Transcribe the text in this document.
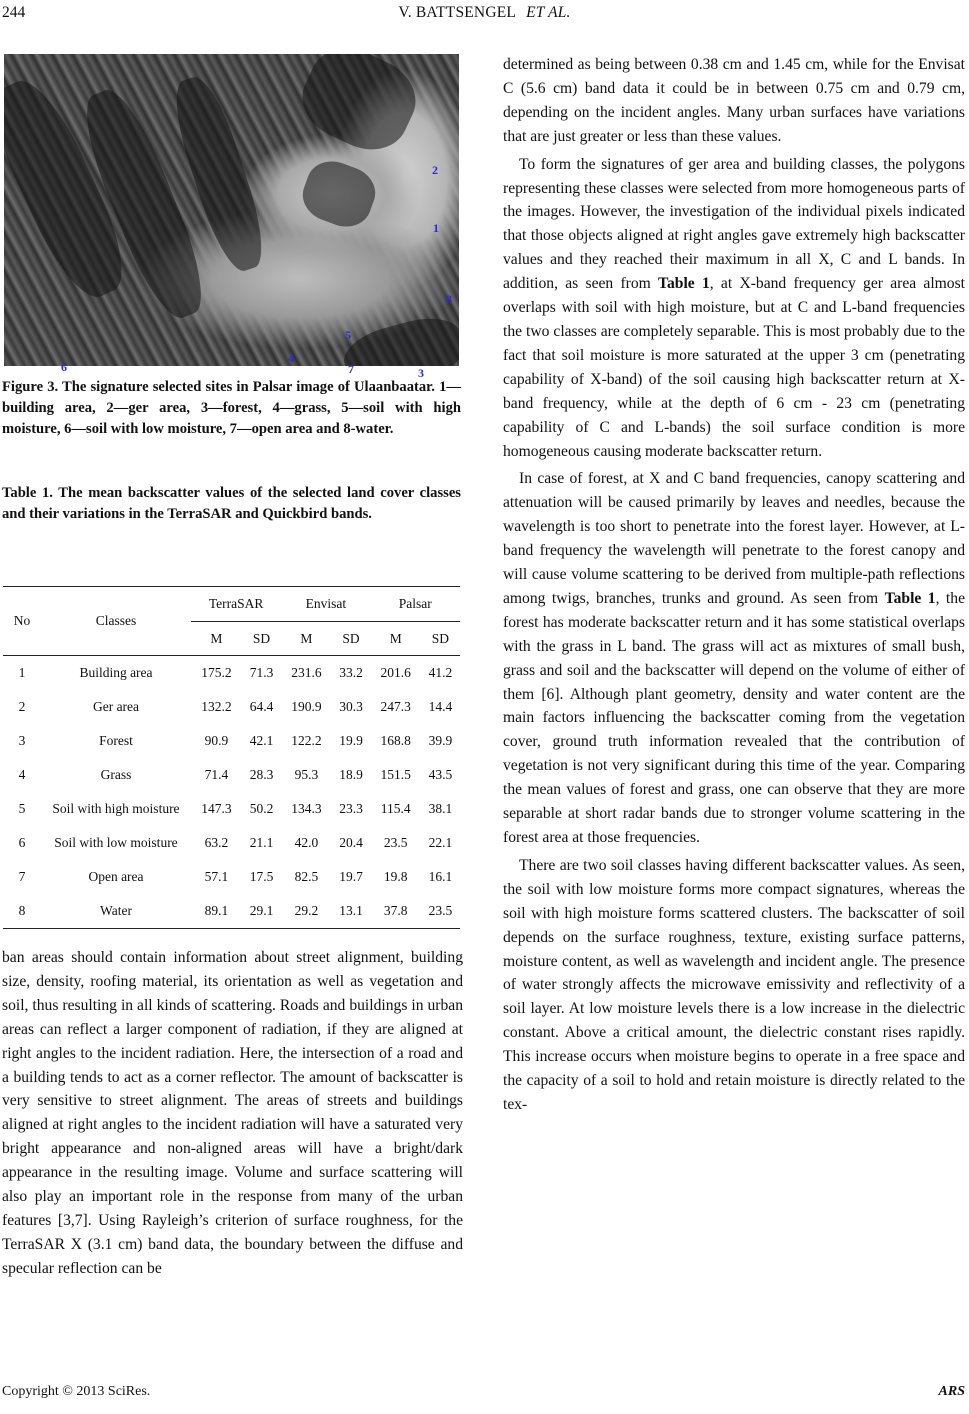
244	V. BATTSENGEL ET AL.
2
1
8
4
5
6	7	3
Figure 3. The signature selected sites in Palsar image of Ulaanbaatar. 1—building area, 2—ger area, 3—forest, 4—grass, 5—soil with high moisture, 6—soil with low moisture, 7—open area and 8-water.
Table 1. The mean backscatter values of the selected land cover classes and their variations in the TerraSAR and Quickbird bands.
No	Classes	TerraSAR		Envisat		Palsar	
		M	SD	M	SD	M	SD
1	Building area	175.2	71.3	231.6	33.2	201.6	41.2
2	Ger area	132.2	64.4	190.9	30.3	247.3	14.4
3	Forest	90.9	42.1	122.2	19.9	168.8	39.9
4	Grass	71.4	28.3	95.3	18.9	151.5	43.5
5	Soil with high moisture	147.3	50.2	134.3	23.3	115.4	38.1
6	Soil with low moisture	63.2	21.1	42.0	20.4	23.5	22.1
7	Open area	57.1	17.5	82.5	19.7	19.8	16.1
8	Water	89.1	29.1	29.2	13.1	37.8	23.5

ban areas should contain information about street alignment, building size, density, roofing material, its orientation as well as vegetation and soil, thus resulting in all kinds of scattering. Roads and buildings in urban areas can reflect a larger component of radiation, if they are aligned at right angles to the incident radiation. Here, the intersection of a road and a building tends to act as a corner reflector. The amount of backscatter is very sensitive to street alignment. The areas of streets and buildings aligned at right angles to the incident radiation will have a saturated very bright appearance and non-aligned areas will have a bright/dark appearance in the resulting image. Volume and surface scattering will also play an important role in the response from many of the urban features [3,7]. Using Rayleigh’s criterion of surface roughness, for the TerraSAR X (3.1 cm) band data, the boundary between the diffuse and specular reflection can be

determined as being between 0.38 cm and 1.45 cm, while for the Envisat C (5.6 cm) band data it could be in between 0.75 cm and 0.79 cm, depending on the incident angles. Many urban surfaces have variations that are just greater or less than these values.

To form the signatures of ger area and building classes, the polygons representing these classes were selected from more homogeneous parts of the images. However, the investigation of the individual pixels indicated that those objects aligned at right angles gave extremely high backscatter values and they reached their maximum in all X, C and L bands. In addition, as seen from Table 1, at X-band frequency ger area almost overlaps with soil with high moisture, but at C and L-band frequencies the two classes are completely separable. This is most probably due to the fact that soil moisture is more saturated at the upper 3 cm (penetrating capability of X-band) of the soil causing high backscatter return at X-band frequency, while at the depth of 6 cm - 23 cm (penetrating capability of C and L-bands) the soil surface condition is more homogeneous causing moderate backscatter return.

In case of forest, at X and C band frequencies, canopy scattering and attenuation will be caused primarily by leaves and needles, because the wavelength is too short to penetrate into the forest layer. However, at L-band frequency the wavelength will penetrate to the forest canopy and will cause volume scattering to be derived from multiple-path reflections among twigs, branches, trunks and ground. As seen from Table 1, the forest has moderate backscatter return and it has some statistical overlaps with the grass in L band. The grass will act as mixtures of small bush, grass and soil and the backscatter will depend on the volume of either of them [6]. Although plant geometry, density and water content are the main factors influencing the backscatter coming from the vegetation cover, ground truth information revealed that the contribution of vegetation is not very significant during this time of the year. Comparing the mean values of forest and grass, one can observe that they are more separable at short radar bands due to stronger volume scattering in the forest area at those frequencies.

There are two soil classes having different backscatter values. As seen, the soil with low moisture forms more compact signatures, whereas the soil with high moisture forms scattered clusters. The backscatter of soil depends on the surface roughness, texture, existing surface patterns, moisture content, as well as wavelength and incident angle. The presence of water strongly affects the microwave emissivity and reflectivity of a soil layer. At low moisture levels there is a low increase in the dielectric constant. Above a critical amount, the dielectric constant rises rapidly. This increase occurs when moisture begins to operate in a free space and the capacity of a soil to hold and retain moisture is directly related to the tex-

Copyright © 2013 SciRes.	ARS
